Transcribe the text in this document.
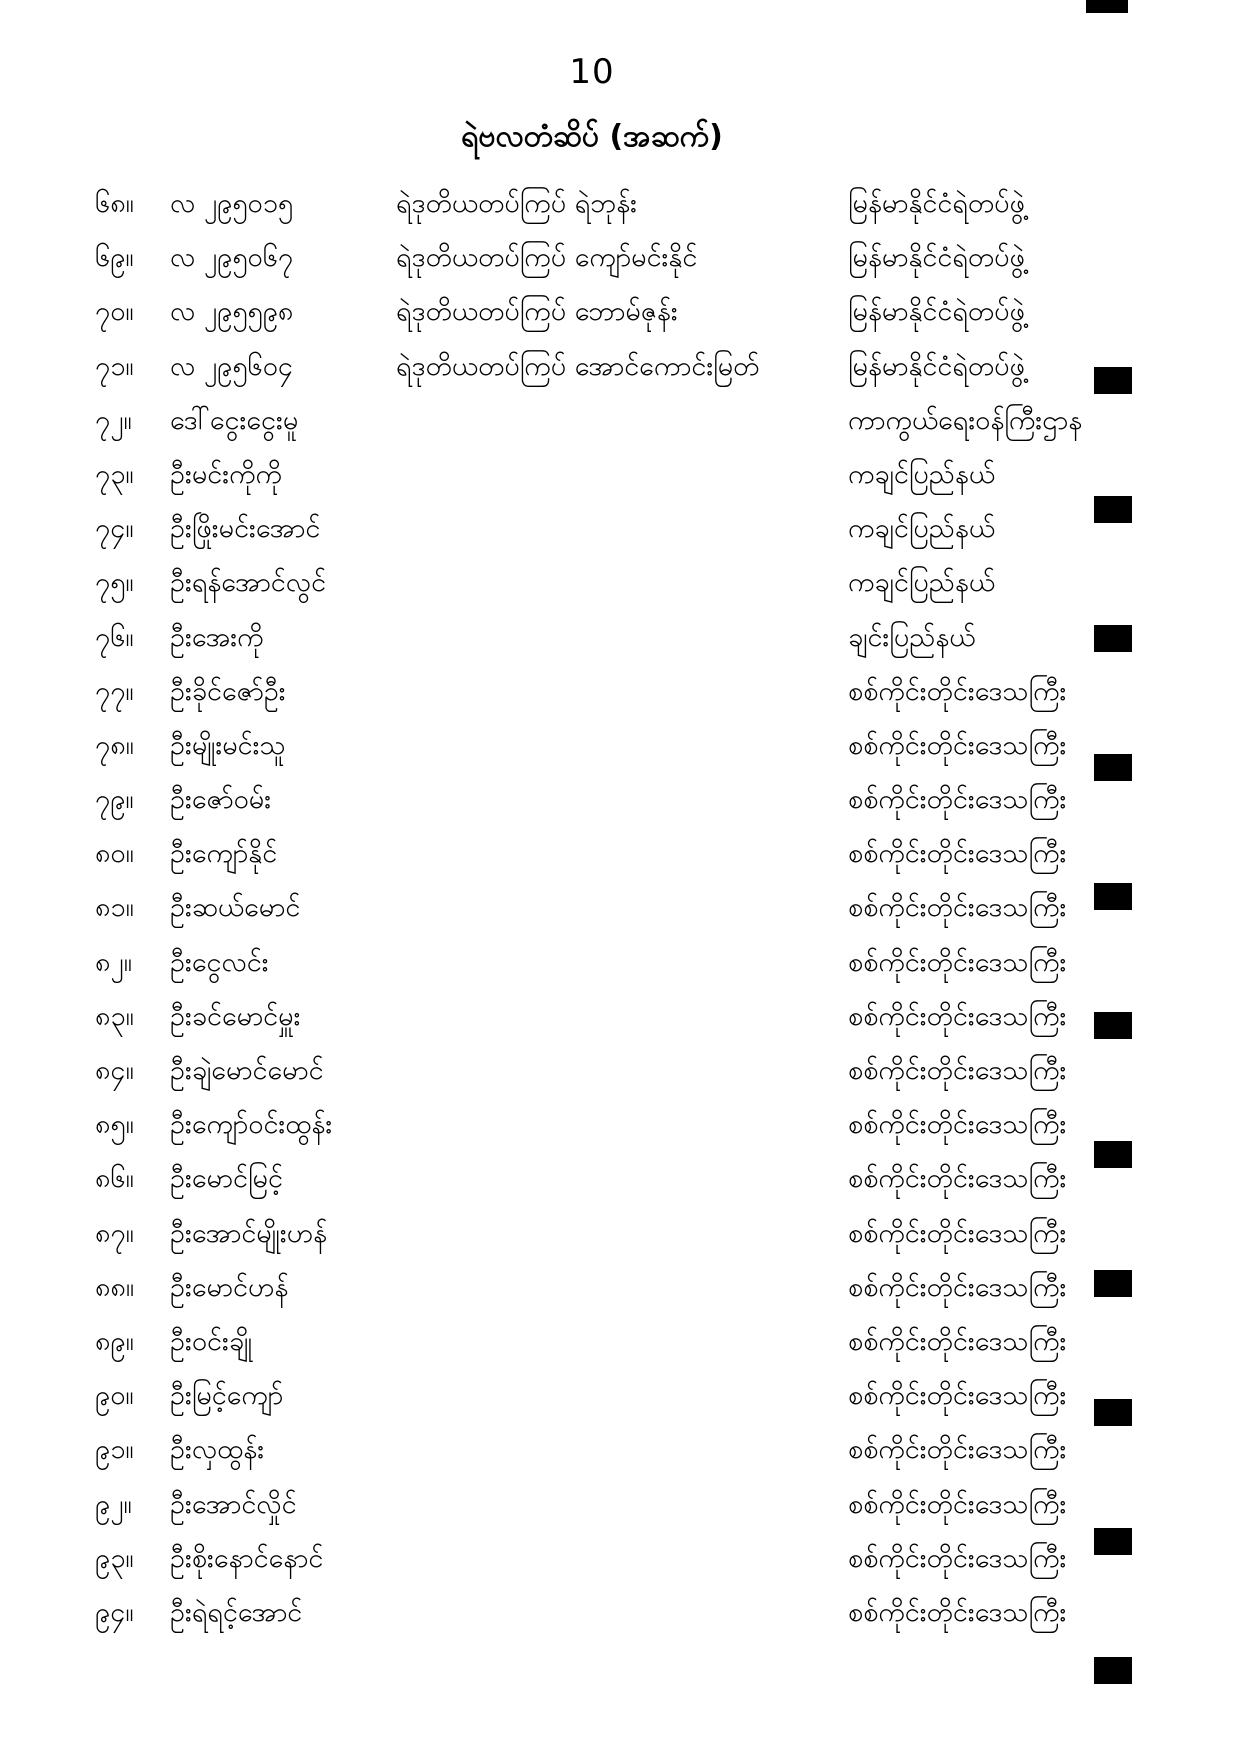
10
ရဲဗလတံဆိပ် (အဆက်)
၆၈။ လ ၂၉၅၀၁၅	ရဲဒုတိယတပ်ကြပ် ရဲဘုန်း	မြန်မာနိုင်ငံရဲတပ်ဖွဲ့
၆၉။ လ ၂၉၅၀၆၇	ရဲဒုတိယတပ်ကြပ် ကျော်မင်းနိုင်	မြန်မာနိုင်ငံရဲတပ်ဖွဲ့
၇၀။ လ ၂၉၅၅၉၈	ရဲဒုတိယတပ်ကြပ် ဘောမ်ဇုန်း	မြန်မာနိုင်ငံရဲတပ်ဖွဲ့
၇၁။ လ ၂၉၅၆၀၄	ရဲဒုတိယတပ်ကြပ် အောင်ကောင်းမြတ်	မြန်မာနိုင်ငံရဲတပ်ဖွဲ့
၇၂။ ဒေါ်ငွေးငွေးမူ	ကာကွယ်ရေးဝန်ကြီးဌာန
၇၃။ ဦးမင်းကိုကို	ကချင်ပြည်နယ်
၇၄။ ဦးဖြိုးမင်းအောင်	ကချင်ပြည်နယ်
၇၅။ ဦးရန်အောင်လွင်	ကချင်ပြည်နယ်
၇၆။ ဦးအေးကို	ချင်းပြည်နယ်
၇၇။ ဦးခိုင်ဇော်ဦး	စစ်ကိုင်းတိုင်းဒေသကြီး
၇၈။ ဦးမျိုးမင်းသူ	စစ်ကိုင်းတိုင်းဒေသကြီး
၇၉။ ဦးဇော်ဝမ်း	စစ်ကိုင်းတိုင်းဒေသကြီး
၈၀။ ဦးကျော်နိုင်	စစ်ကိုင်းတိုင်းဒေသကြီး
၈၁။ ဦးဆယ်မောင်	စစ်ကိုင်းတိုင်းဒေသကြီး
၈၂။ ဦးငွေလင်း	စစ်ကိုင်းတိုင်းဒေသကြီး
၈၃။ ဦးခင်မောင်မှူး	စစ်ကိုင်းတိုင်းဒေသကြီး
၈၄။ ဦးချဲမောင်မောင်	စစ်ကိုင်းတိုင်းဒေသကြီး
၈၅။ ဦးကျော်ဝင်းထွန်း	စစ်ကိုင်းတိုင်းဒေသကြီး
၈၆။ ဦးမောင်မြင့်	စစ်ကိုင်းတိုင်းဒေသကြီး
၈၇။ ဦးအောင်မျိုးဟန်	စစ်ကိုင်းတိုင်းဒေသကြီး
၈၈။ ဦးမောင်ဟန်	စစ်ကိုင်းတိုင်းဒေသကြီး
၈၉။ ဦးဝင်းချို	စစ်ကိုင်းတိုင်းဒေသကြီး
၉၀။ ဦးမြင့်ကျော်	စစ်ကိုင်းတိုင်းဒေသကြီး
၉၁။ ဦးလှထွန်း	စစ်ကိုင်းတိုင်းဒေသကြီး
၉၂။ ဦးအောင်လှိုင်	စစ်ကိုင်းတိုင်းဒေသကြီး
၉၃။ ဦးစိုးနောင်နောင်	စစ်ကိုင်းတိုင်းဒေသကြီး
၉၄။ ဦးရဲရင့်အောင်	စစ်ကိုင်းတိုင်းဒေသကြီး
